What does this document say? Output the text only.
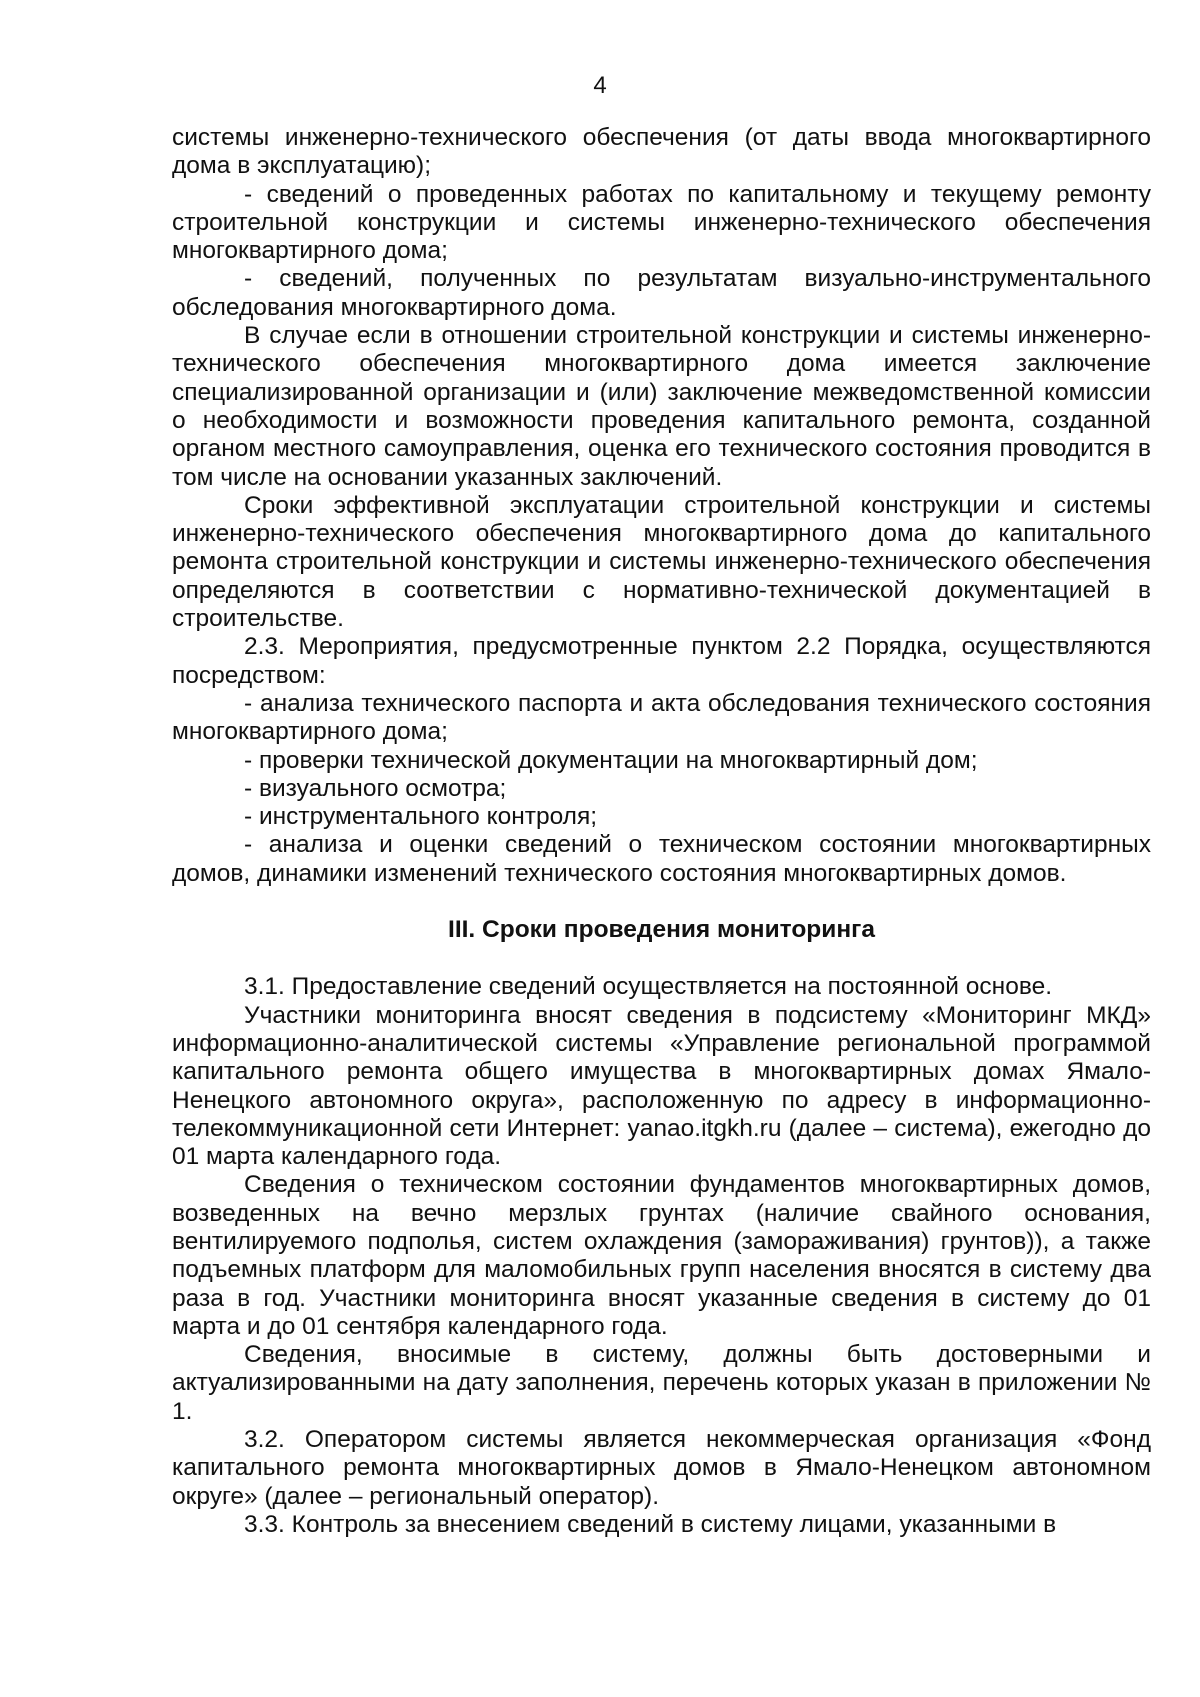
4

системы инженерно-технического обеспечения (от даты ввода многоквартирного дома в эксплуатацию);

- сведений о проведенных работах по капитальному и текущему ремонту строительной конструкции и системы инженерно-технического обеспечения многоквартирного дома;

- сведений, полученных по результатам визуально-инструментального обследования многоквартирного дома.

В случае если в отношении строительной конструкции и системы инженерно-технического обеспечения многоквартирного дома имеется заключение специализированной организации и (или) заключение межведомственной комиссии о необходимости и возможности проведения капитального ремонта, созданной органом местного самоуправления, оценка его технического состояния проводится в том числе на основании указанных заключений.

Сроки эффективной эксплуатации строительной конструкции и системы инженерно-технического обеспечения многоквартирного дома до капитального ремонта строительной конструкции и системы инженерно-технического обеспечения определяются в соответствии с нормативно-технической документацией в строительстве.

2.3. Мероприятия, предусмотренные пунктом 2.2 Порядка, осуществляются посредством:

- анализа технического паспорта и акта обследования технического состояния многоквартирного дома;

- проверки технической документации на многоквартирный дом;

- визуального осмотра;

- инструментального контроля;

- анализа и оценки сведений о техническом состоянии многоквартирных домов, динамики изменений технического состояния многоквартирных домов.

III. Сроки проведения мониторинга

3.1. Предоставление сведений осуществляется на постоянной основе.

Участники мониторинга вносят сведения в подсистему «Мониторинг МКД» информационно-аналитической системы «Управление региональной программой капитального ремонта общего имущества в многоквартирных домах Ямало-Ненецкого автономного округа», расположенную по адресу в информационно-телекоммуникационной сети Интернет: yanao.itgkh.ru (далее – система), ежегодно до 01 марта календарного года.

Сведения о техническом состоянии фундаментов многоквартирных домов, возведенных на вечно мерзлых грунтах (наличие свайного основания, вентилируемого подполья, систем охлаждения (замораживания) грунтов)), а также подъемных платформ для маломобильных групп населения вносятся в систему два раза в год. Участники мониторинга вносят указанные сведения в систему до 01 марта и до 01 сентября календарного года.

Сведения, вносимые в систему, должны быть достоверными и актуализированными на дату заполнения, перечень которых указан в приложении № 1.

3.2. Оператором системы является некоммерческая организация «Фонд капитального ремонта многоквартирных домов в Ямало-Ненецком автономном округе» (далее – региональный оператор).

3.3. Контроль за внесением сведений в систему лицами, указанными в
